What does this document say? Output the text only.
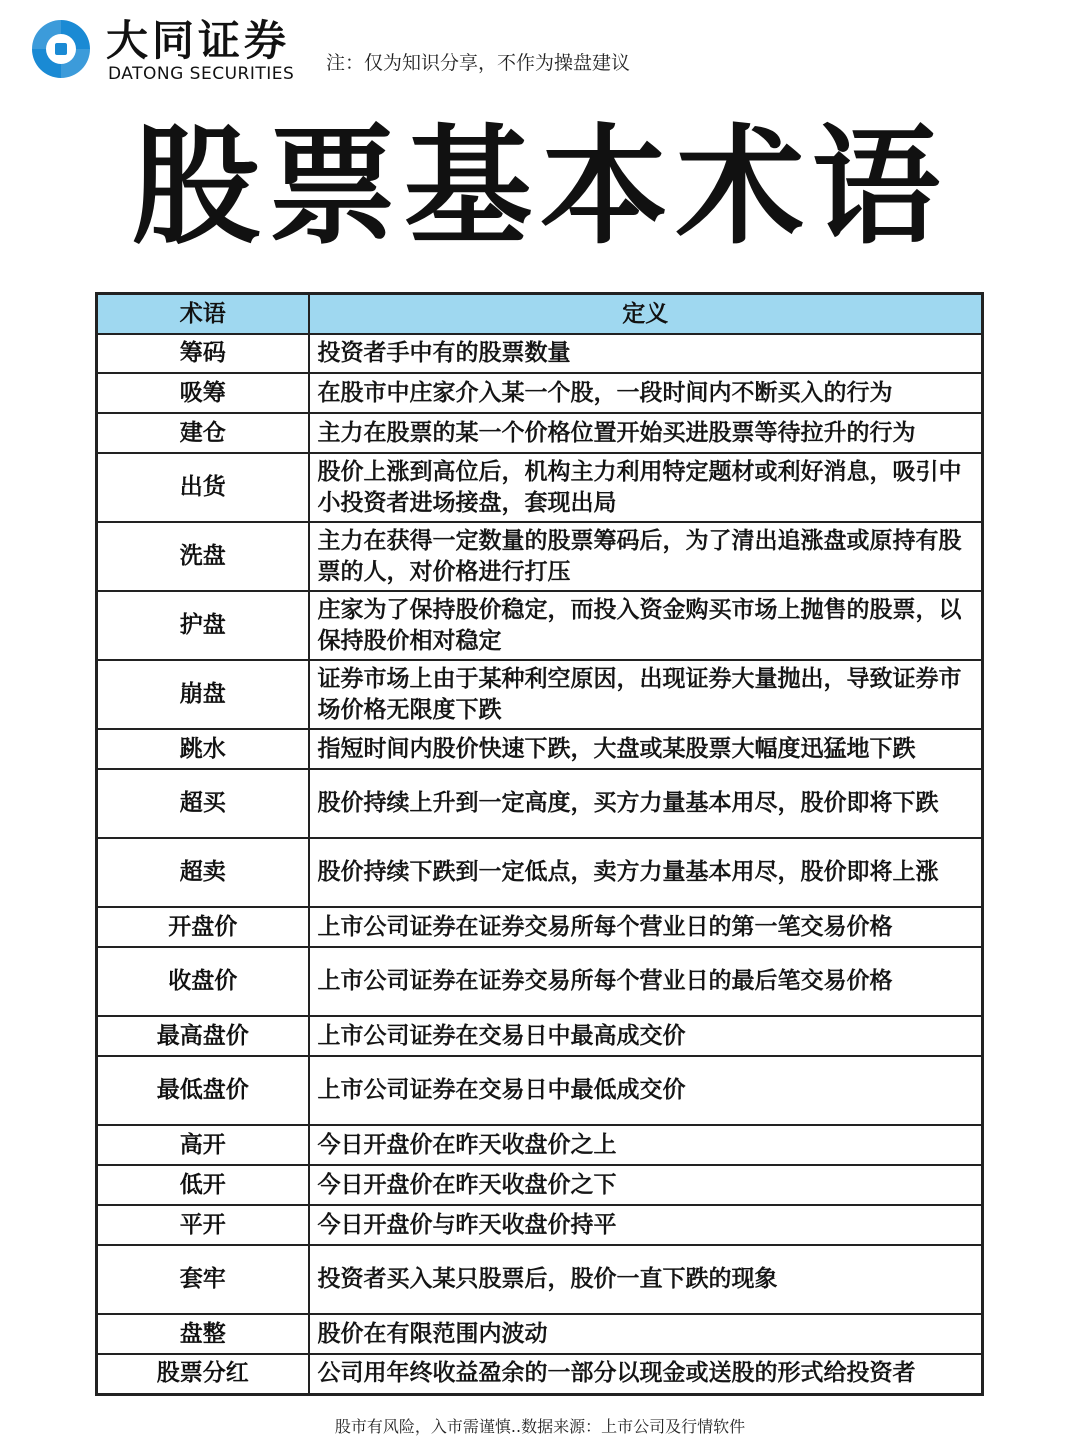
大同证券
DATONG SECURITIES 注：仅为知识分享，不作为操盘建议
股票基本术语
术语	定义
筹码	投资者手中有的股票数量
吸筹	在股市中庄家介入某一个股，一段时间内不断买入的行为
建仓	主力在股票的某一个价格位置开始买进股票等待拉升的行为
出货	股价上涨到高位后，机构主力利用特定题材或利好消息，吸引中小投资者进场接盘，套现出局
洗盘	主力在获得一定数量的股票筹码后，为了清出追涨盘或原持有股票的人，对价格进行打压
护盘	庄家为了保持股价稳定，而投入资金购买市场上抛售的股票，以保持股价相对稳定
崩盘	证券市场上由于某种利空原因，出现证券大量抛出，导致证券市场价格无限度下跌
跳水	指短时间内股价快速下跌，大盘或某股票大幅度迅猛地下跌
超买	股价持续上升到一定高度，买方力量基本用尽，股价即将下跌
超卖	股价持续下跌到一定低点，卖方力量基本用尽，股价即将上涨
开盘价	上市公司证券在证券交易所每个营业日的第一笔交易价格
收盘价	上市公司证券在证券交易所每个营业日的最后笔交易价格
最高盘价	上市公司证券在交易日中最高成交价
最低盘价	上市公司证券在交易日中最低成交价
高开	今日开盘价在昨天收盘价之上
低开	今日开盘价在昨天收盘价之下
平开	今日开盘价与昨天收盘价持平
套牢	投资者买入某只股票后，股价一直下跌的现象
盘整	股价在有限范围内波动
股票分红	公司用年终收益盈余的一部分以现金或送股的形式给投资者
股市有风险，入市需谨慎..数据来源：上市公司及行情软件
